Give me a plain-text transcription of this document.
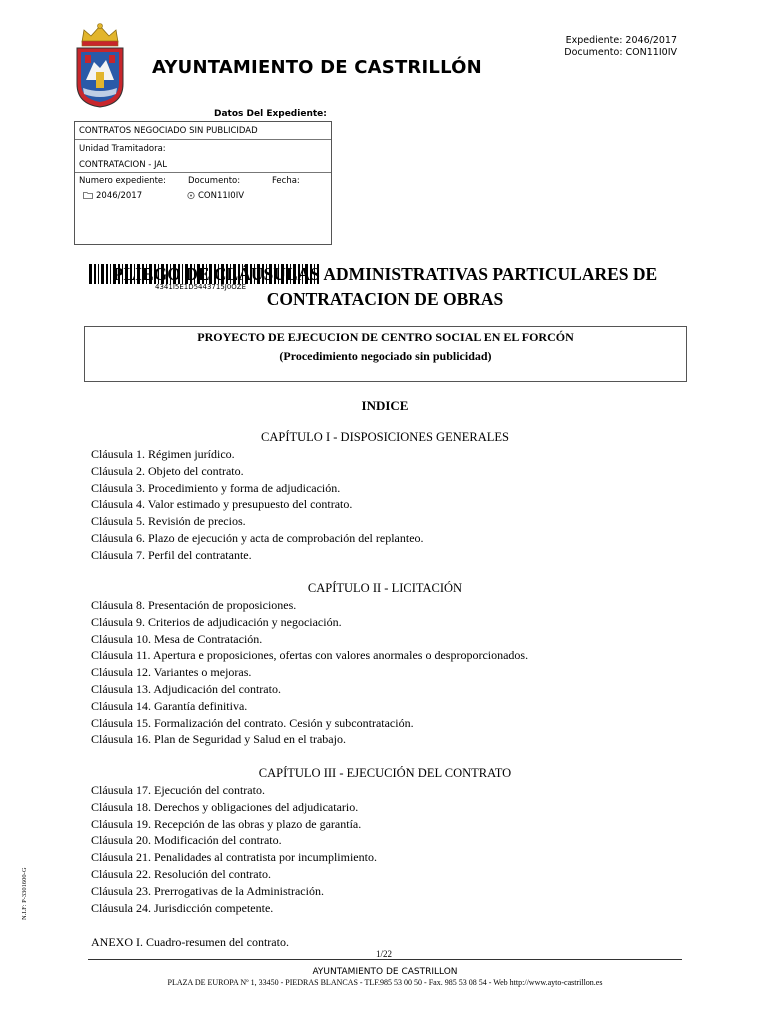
Expediente: 2046/2017
Documento: CON11I0IV
AYUNTAMIENTO DE CASTRILLÓN
Datos Del Expediente:
CONTRATOS NEGOCIADO SIN PUBLICIDAD
Unidad Tramitadora:
CONTRATACION - JAL
Numero expediente:	Documento:	Fecha:
2046/2017	CON11I0IV
4341I5E1D5443715J0OZE
PLIEGO DE CLÁUSULAS ADMINISTRATIVAS PARTICULARES DE
CONTRATACION DE OBRAS
PROYECTO DE EJECUCION DE CENTRO SOCIAL EN EL FORCÓN
(Procedimiento negociado sin publicidad)
INDICE
CAPÍTULO I - DISPOSICIONES GENERALES
Cláusula 1. Régimen jurídico.
Cláusula 2. Objeto del contrato.
Cláusula 3. Procedimiento y forma de adjudicación.
Cláusula 4. Valor estimado y presupuesto del contrato.
Cláusula 5. Revisión de precios.
Cláusula 6. Plazo de ejecución y acta de comprobación del replanteo.
Cláusula 7. Perfil del contratante.
CAPÍTULO II - LICITACIÓN
Cláusula 8. Presentación de proposiciones.
Cláusula 9. Criterios de adjudicación y negociación.
Cláusula 10. Mesa de Contratación.
Cláusula 11. Apertura e proposiciones, ofertas con valores anormales o desproporcionados.
Cláusula 12. Variantes o mejoras.
Cláusula 13. Adjudicación del contrato.
Cláusula 14. Garantía definitiva.
Cláusula 15. Formalización del contrato. Cesión y subcontratación.
Cláusula 16. Plan de Seguridad y Salud en el trabajo.
CAPÍTULO III - EJECUCIÓN DEL CONTRATO
Cláusula 17. Ejecución del contrato.
Cláusula 18. Derechos y obligaciones del adjudicatario.
Cláusula 19. Recepción de las obras y plazo de garantía.
Cláusula 20. Modificación del contrato.
Cláusula 21. Penalidades al contratista por incumplimiento.
Cláusula 22. Resolución del contrato.
Cláusula 23. Prerrogativas de la Administración.
Cláusula 24. Jurisdicción competente.
ANEXO I. Cuadro-resumen del contrato.
1/22
AYUNTAMIENTO DE CASTRILLON
PLAZA DE EUROPA Nº 1, 33450 - PIEDRAS BLANCAS - TLF.985 53 00 50 - Fax. 985 53 08 54 - Web http://www.ayto-castrillon.es
N.I.F: P-3301600-G
